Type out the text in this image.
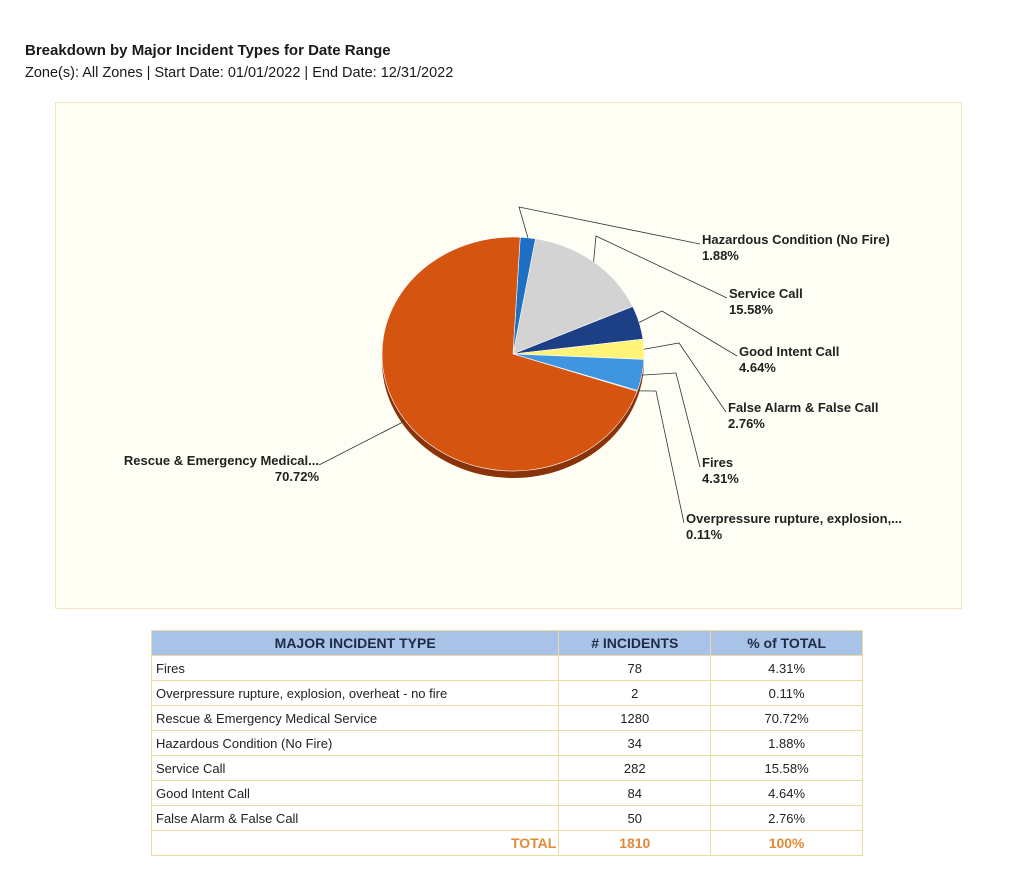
Breakdown by Major Incident Types for Date Range
Zone(s): All Zones | Start Date: 01/01/2022 | End Date: 12/31/2022
Hazardous Condition (No Fire)
1.88%
Service Call
15.58%
Good Intent Call
4.64%
False Alarm & False Call
2.76%
Fires
4.31%
Overpressure rupture, explosion,...
0.11%
Rescue & Emergency Medical...
70.72%
MAJOR INCIDENT TYPE	# INCIDENTS	% of TOTAL
Fires	78	4.31%
Overpressure rupture, explosion, overheat - no fire	2	0.11%
Rescue & Emergency Medical Service	1280	70.72%
Hazardous Condition (No Fire)	34	1.88%
Service Call	282	15.58%
Good Intent Call	84	4.64%
False Alarm & False Call	50	2.76%
TOTAL	1810	100%
